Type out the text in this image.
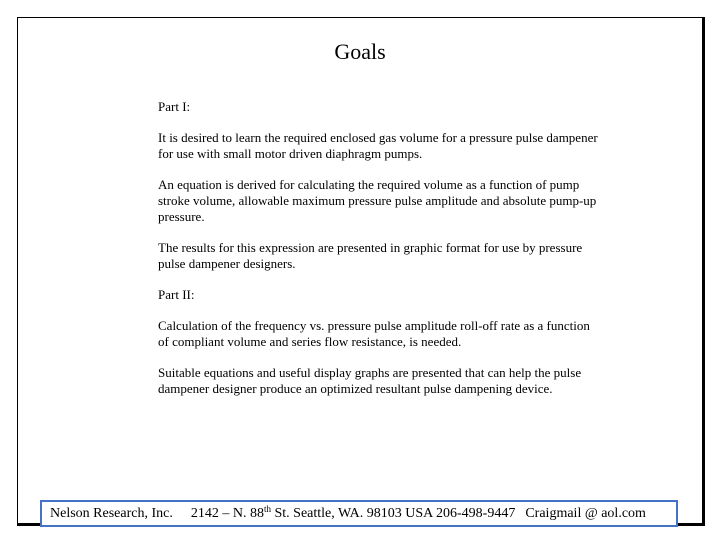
Goals

Part I:

It is desired to learn the required enclosed gas volume for a pressure pulse dampener for use with small motor driven diaphragm pumps.

An equation is derived for calculating the required volume as a function of pump stroke volume, allowable maximum pressure pulse amplitude and absolute pump-up pressure.

The results for this expression are presented in graphic format for use by pressure pulse dampener designers.

Part II:

Calculation of the frequency vs. pressure pulse amplitude roll-off rate as a function of compliant volume and series flow resistance, is needed.

Suitable equations and useful display graphs are presented that can help the pulse dampener designer produce an optimized resultant pulse dampening device.

Nelson Research, Inc. 2142 – N. 88th St. Seattle, WA. 98103 USA 206-498-9447 Craigmail @ aol.com
